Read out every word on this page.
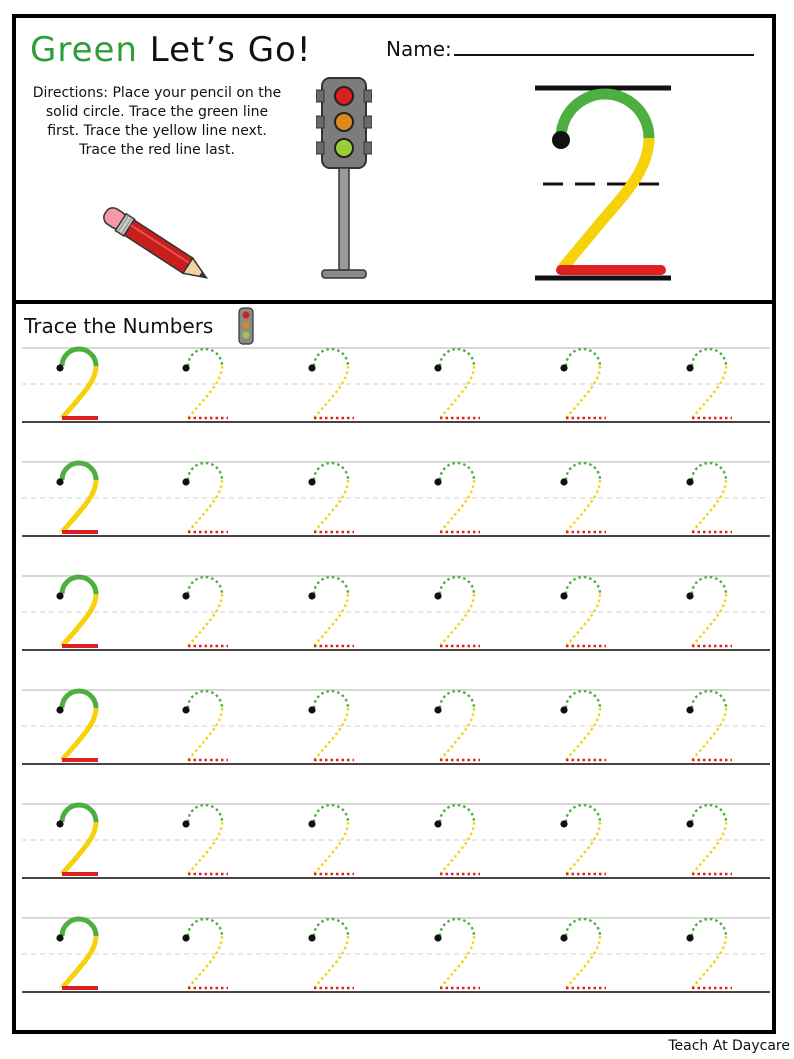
Green Let’s Go!	Name:
Directions: Place your pencil on the solid circle. Trace the green line first. Trace the yellow line next. Trace the red line last.
Trace the Numbers
Teach At Daycare
